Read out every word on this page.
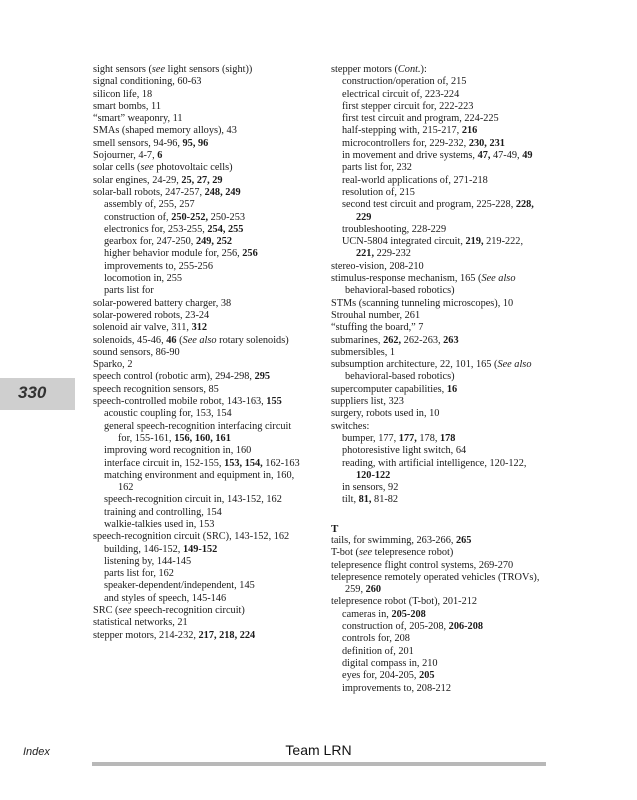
330
sight sensors (see light sensors (sight))
signal conditioning, 60-63
silicon life, 18
smart bombs, 11
“smart” weaponry, 11
SMAs (shaped memory alloys), 43
smell sensors, 94-96, 95, 96
Sojourner, 4-7, 6
solar cells (see photovoltaic cells)
solar engines, 24-29, 25, 27, 29
solar-ball robots, 247-257, 248, 249
assembly of, 255, 257
construction of, 250-252, 250-253
electronics for, 253-255, 254, 255
gearbox for, 247-250, 249, 252
higher behavior module for, 256, 256
improvements to, 255-256
locomotion in, 255
parts list for
solar-powered battery charger, 38
solar-powered robots, 23-24
solenoid air valve, 311, 312
solenoids, 45-46, 46 (See also rotary solenoids)
sound sensors, 86-90
Sparko, 2
speech control (robotic arm), 294-298, 295
speech recognition sensors, 85
speech-controlled mobile robot, 143-163, 155
acoustic coupling for, 153, 154
general speech-recognition interfacing circuit for, 155-161, 156, 160, 161
improving word recognition in, 160
interface circuit in, 152-155, 153, 154, 162-163
matching environment and equipment in, 160, 162
speech-recognition circuit in, 143-152, 162
training and controlling, 154
walkie-talkies used in, 153
speech-recognition circuit (SRC), 143-152, 162
building, 146-152, 149-152
listening by, 144-145
parts list for, 162
speaker-dependent/independent, 145
and styles of speech, 145-146
SRC (see speech-recognition circuit)
statistical networks, 21
stepper motors, 214-232, 217, 218, 224
stepper motors (Cont.):
construction/operation of, 215
electrical circuit of, 223-224
first stepper circuit for, 222-223
first test circuit and program, 224-225
half-stepping with, 215-217, 216
microcontrollers for, 229-232, 230, 231
in movement and drive systems, 47, 47-49, 49
parts list for, 232
real-world applications of, 271-218
resolution of, 215
second test circuit and program, 225-228, 228, 229
troubleshooting, 228-229
UCN-5804 integrated circuit, 219, 219-222, 221, 229-232
stereo-vision, 208-210
stimulus-response mechanism, 165 (See also behavioral-based robotics)
STMs (scanning tunneling microscopes), 10
Strouhal number, 261
“stuffing the board,” 7
submarines, 262, 262-263, 263
submersibles, 1
subsumption architecture, 22, 101, 165 (See also behavioral-based robotics)
supercomputer capabilities, 16
suppliers list, 323
surgery, robots used in, 10
switches:
bumper, 177, 177, 178, 178
photoresistive light switch, 64
reading, with artificial intelligence, 120-122, 120-122
in sensors, 92
tilt, 81, 81-82
T
tails, for swimming, 263-266, 265
T-bot (see telepresence robot)
telepresence flight control systems, 269-270
telepresence remotely operated vehicles (TROVs), 259, 260
telepresence robot (T-bot), 201-212
cameras in, 205-208
construction of, 205-208, 206-208
controls for, 208
definition of, 201
digital compass in, 210
eyes for, 204-205, 205
improvements to, 208-212
Index	Team LRN
